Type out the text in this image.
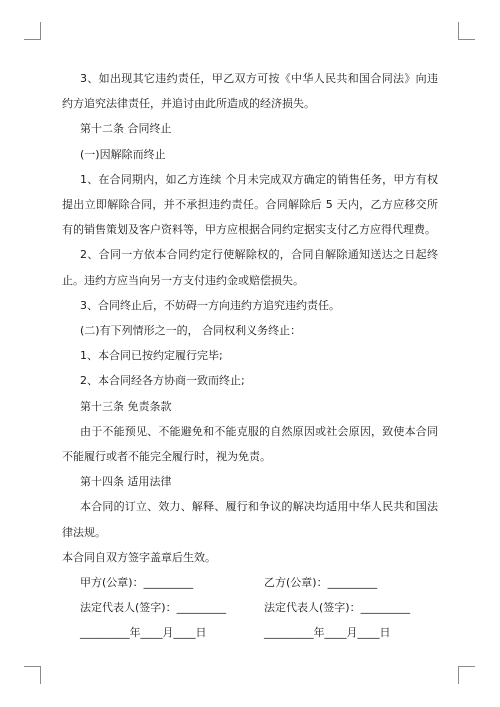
3、如出现其它违约责任，甲乙双方可按《中华人民共和国合同法》向违约方追究法律责任，并追讨由此所造成的经济损失。

第十二条 合同终止

(一)因解除而终止

1、在合同期内，如乙方连续 个月未完成双方确定的销售任务，甲方有权提出立即解除合同，并不承担违约责任。合同解除后 5 天内，乙方应移交所有的销售策划及客户资料等，甲方应根据合同约定据实支付乙方应得代理费。

2、合同一方依本合同约定行使解除权的，合同自解除通知送达之日起终止。违约方应当向另一方支付违约金或赔偿损失。

3、合同终止后，不妨碍一方向违约方追究违约责任。

(二)有下列情形之一的， 合同权利义务终止：

1、本合同已按约定履行完毕;

2、本合同经各方协商一致而终止;

第十三条 免责条款

由于不能预见、不能避免和不能克服的自然原因或社会原因，致使本合同不能履行或者不能完全履行时，视为免责。

第十四条 适用法律

本合同的订立、效力、解释、履行和争议的解决均适用中华人民共和国法律法规。

本合同自双方签字盖章后生效。

甲方(公章)：_________	乙方(公章)：_________
法定代表人(签字)：_________	法定代表人(签字)：_________
_________年____月____日	_________年____月____日
